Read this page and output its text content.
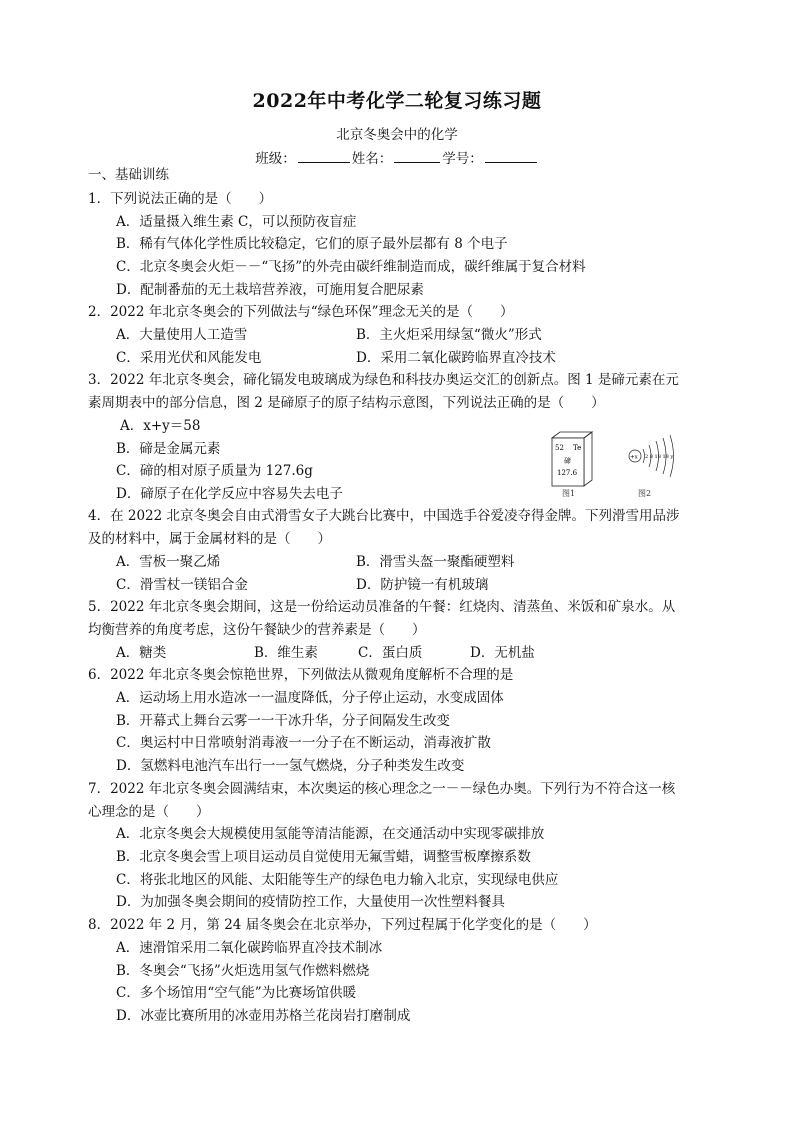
2022年中考化学二轮复习练习题
北京冬奥会中的化学
班级：	姓名：	学号：
一、基础训练
1．下列说法正确的是（　　）
A．适量摄入维生素 C，可以预防夜盲症
B．稀有气体化学性质比较稳定，它们的原子最外层都有 8 个电子
C．北京冬奥会火炬－－“飞扬”的外壳由碳纤维制造而成，碳纤维属于复合材料
D．配制番茄的无土栽培营养液，可施用复合肥尿素
2．2022 年北京冬奥会的下列做法与“绿色环保”理念无关的是（　　）
A．大量使用人工造雪	B．主火炬采用绿氢“微火”形式
C．采用光伏和风能发电	D．采用二氧化碳跨临界直冷技术
3．2022 年北京冬奥会，碲化镉发电玻璃成为绿色和科技办奥运交汇的创新点。图 1 是碲元素在元
素周期表中的部分信息，图 2 是碲原子的原子结构示意图，下列说法正确的是（　　）
A．x+y＝58
B．碲是金属元素
C．碲的相对原子质量为 127.6g
D．碲原子在化学反应中容易失去电子
52 Te
碲
127.6
+x 2 8 18 18 y
图1	图2
4．在 2022 北京冬奥会自由式滑雪女子大跳台比赛中，中国选手谷爱凌夺得金牌。下列滑雪用品涉
及的材料中，属于金属材料的是（　　）
A．雪板一聚乙烯	B．滑雪头盔一聚酯硬塑料
C．滑雪杖一镁铝合金	D．防护镜一有机玻璃
5．2022 年北京冬奥会期间，这是一份给运动员准备的午餐：红烧肉、清蒸鱼、米饭和矿泉水。从
均衡营养的角度考虑，这份午餐缺少的营养素是（　　）
A．糖类	B．维生素	C．蛋白质	D．无机盐
6．2022 年北京冬奥会惊艳世界，下列做法从微观角度解析不合理的是
A．运动场上用水造冰一一温度降低，分子停止运动，水变成固体
B．开幕式上舞台云雾一一干冰升华，分子间隔发生改变
C．奥运村中日常喷射消毒液一一分子在不断运动，消毒液扩散
D．氢燃料电池汽车出行一一氢气燃烧，分子种类发生改变
7．2022 年北京冬奥会圆满结束，本次奥运的核心理念之一－－绿色办奥。下列行为不符合这一核
心理念的是（　　）
A．北京冬奥会大规模使用氢能等清洁能源，在交通活动中实现零碳排放
B．北京冬奥会雪上项目运动员自觉使用无氟雪蜡，调整雪板摩擦系数
C．将张北地区的风能、太阳能等生产的绿色电力输入北京，实现绿电供应
D．为加强冬奥会期间的疫情防控工作，大量使用一次性塑料餐具
8．2022 年 2 月，第 24 届冬奥会在北京举办，下列过程属于化学变化的是（　　）
A．速滑馆采用二氧化碳跨临界直冷技术制冰
B．冬奥会“飞扬”火炬选用氢气作燃料燃烧
C．多个场馆用“空气能”为比赛场馆供暖
D．冰壶比赛所用的冰壶用苏格兰花岗岩打磨制成
